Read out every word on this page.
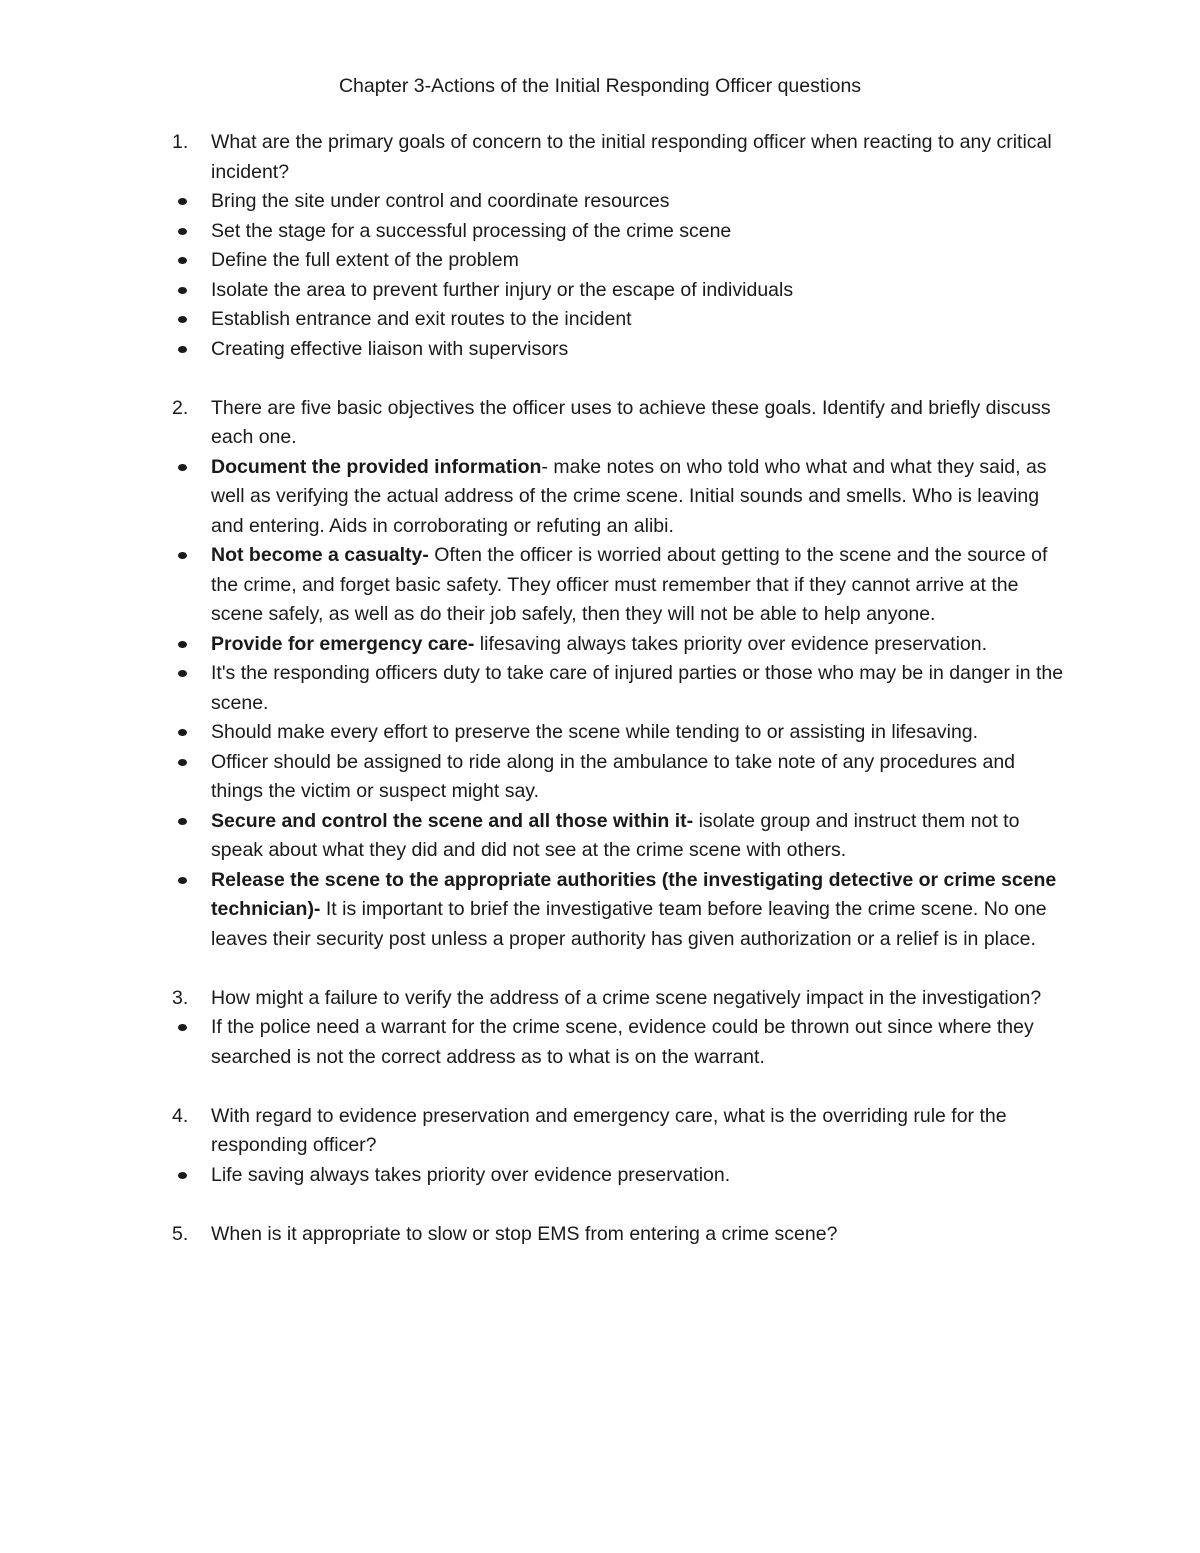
Chapter 3-Actions of the Initial Responding Officer questions
1.	What are the primary goals of concern to the initial responding officer when reacting to any critical incident?
Bring the site under control and coordinate resources
Set the stage for a successful processing of the crime scene
Define the full extent of the problem
Isolate the area to prevent further injury or the escape of individuals
Establish entrance and exit routes to the incident
Creating effective liaison with supervisors
2.	There are five basic objectives the officer uses to achieve these goals. Identify and briefly discuss each one.
Document the provided information- make notes on who told who what and what they said, as well as verifying the actual address of the crime scene. Initial sounds and smells. Who is leaving and entering. Aids in corroborating or refuting an alibi.
Not become a casualty- Often the officer is worried about getting to the scene and the source of the crime, and forget basic safety. They officer must remember that if they cannot arrive at the scene safely, as well as do their job safely, then they will not be able to help anyone.
Provide for emergency care- lifesaving always takes priority over evidence preservation.
It's the responding officers duty to take care of injured parties or those who may be in danger in the scene.
Should make every effort to preserve the scene while tending to or assisting in lifesaving.
Officer should be assigned to ride along in the ambulance to take note of any procedures and things the victim or suspect might say.
Secure and control the scene and all those within it- isolate group and instruct them not to speak about what they did and did not see at the crime scene with others.
Release the scene to the appropriate authorities (the investigating detective or crime scene technician)- It is important to brief the investigative team before leaving the crime scene. No one leaves their security post unless a proper authority has given authorization or a relief is in place.
3.	How might a failure to verify the address of a crime scene negatively impact in the investigation?
If the police need a warrant for the crime scene, evidence could be thrown out since where they searched is not the correct address as to what is on the warrant.
4.	With regard to evidence preservation and emergency care, what is the overriding rule for the responding officer?
Life saving always takes priority over evidence preservation.
5.	When is it appropriate to slow or stop EMS from entering a crime scene?
